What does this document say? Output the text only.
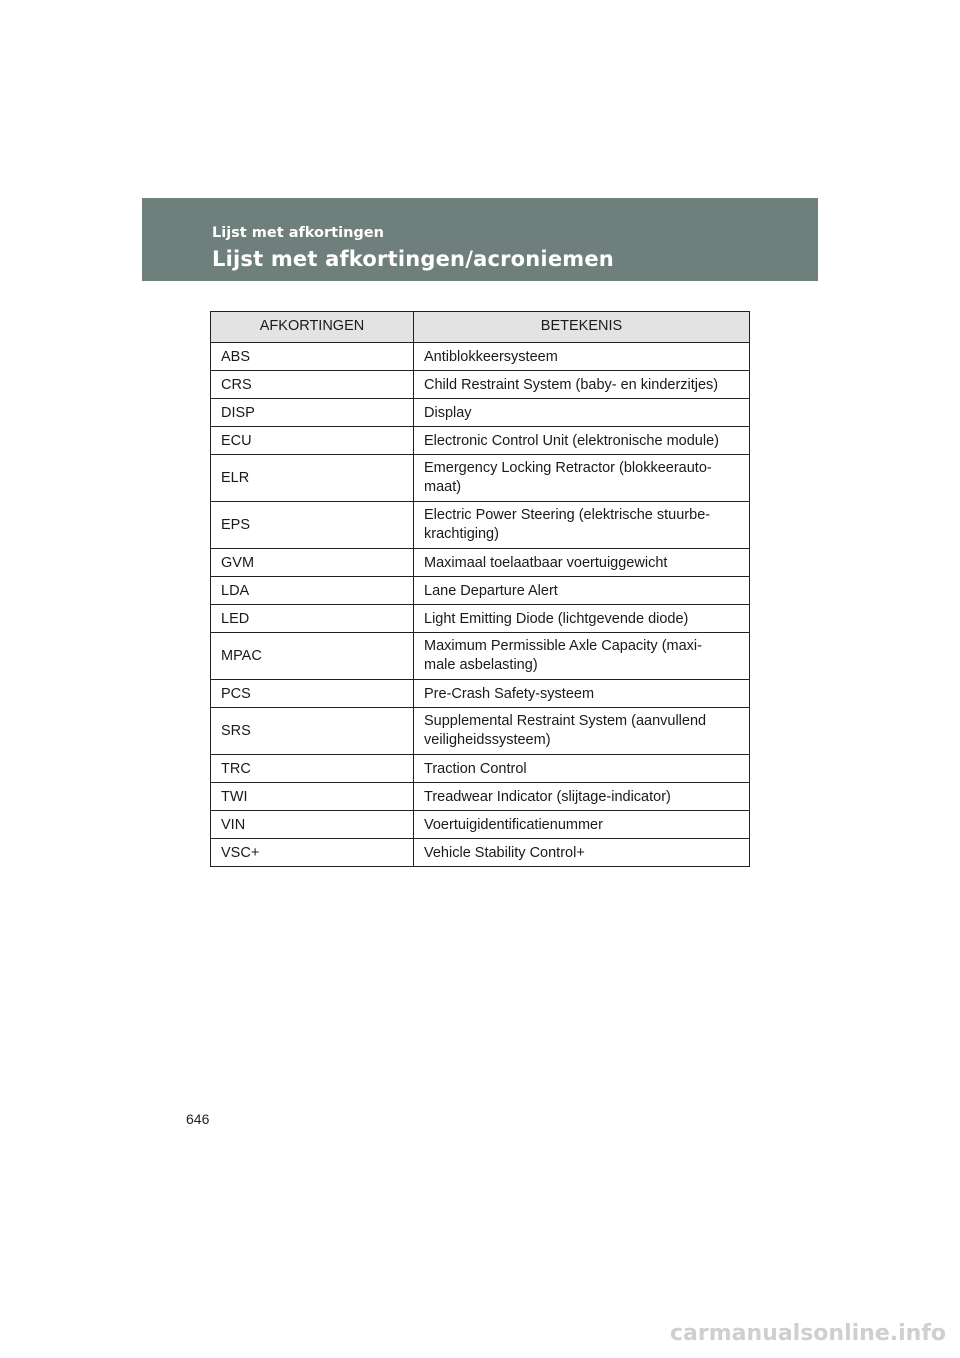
Lijst met afkortingen
Lijst met afkortingen/acroniemen
AFKORTINGEN	BETEKENIS
ABS	Antiblokkeersysteem
CRS	Child Restraint System (baby- en kinderzitjes)
DISP	Display
ECU	Electronic Control Unit (elektronische module)
ELR	Emergency Locking Retractor (blokkeerauto-
maat)
EPS	Electric Power Steering (elektrische stuurbe-
krachtiging)
GVM	Maximaal toelaatbaar voertuiggewicht
LDA	Lane Departure Alert
LED	Light Emitting Diode (lichtgevende diode)
MPAC	Maximum Permissible Axle Capacity (maxi-
male asbelasting)
PCS	Pre-Crash Safety-systeem
SRS	Supplemental Restraint System (aanvullend
veiligheidssysteem)
TRC	Traction Control
TWI	Treadwear Indicator (slijtage-indicator)
VIN	Voertuigidentificatienummer
VSC+	Vehicle Stability Control+
646
carmanualsonline.info
